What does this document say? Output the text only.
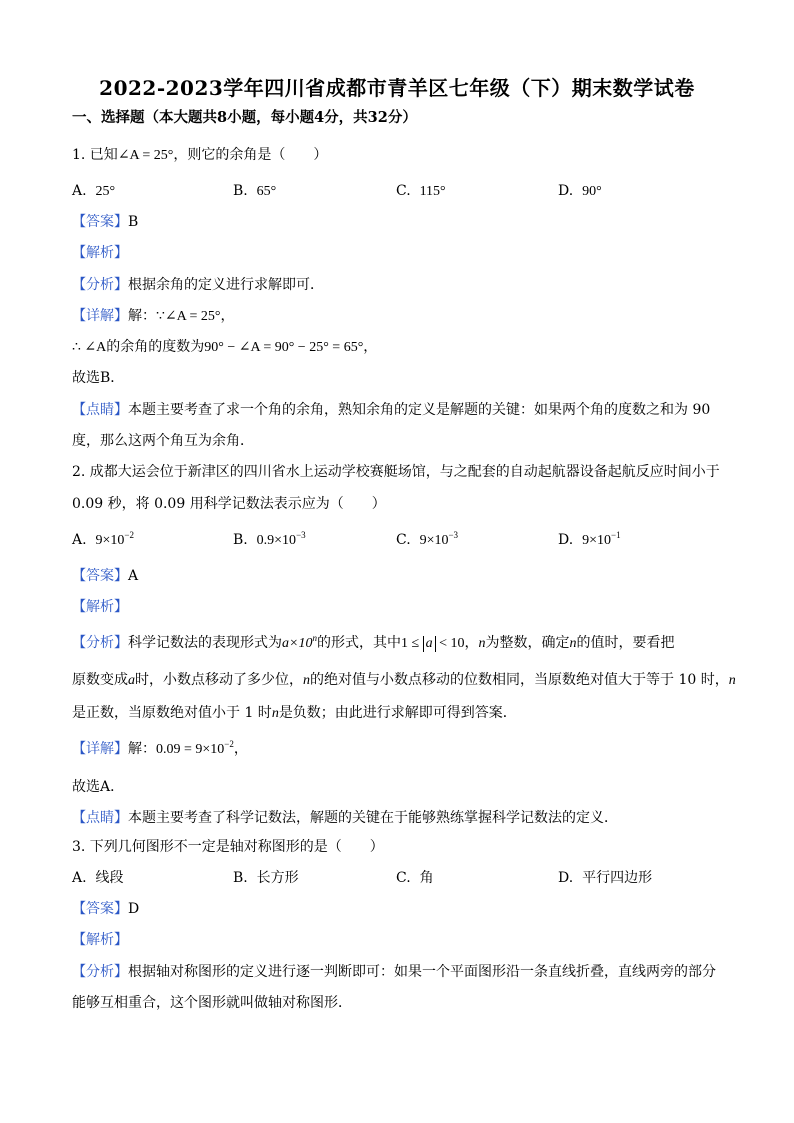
2022-2023学年四川省成都市青羊区七年级（下）期末数学试卷
一、选择题（本大题共8小题，每小题4分，共32分）
1. 已知∠A = 25°，则它的余角是（　　）
A. 25°	B. 65°	C. 115°	D. 90°
【答案】B
【解析】
【分析】根据余角的定义进行求解即可．
【详解】解：∵∠A = 25°，
∴ ∠A的余角的度数为90° − ∠A = 90° − 25° = 65°，
故选B．
【点睛】本题主要考查了求一个角的余角，熟知余角的定义是解题的关键：如果两个角的度数之和为 90
度，那么这两个角互为余角．
2. 成都大运会位于新津区的四川省水上运动学校赛艇场馆，与之配套的自动起航器设备起航反应时间小于
0.09 秒，将 0.09 用科学记数法表示应为（　　）
A. $9\times 10^{-2}$	B. $0.9\times 10^{-3}$	C. $9\times 10^{-3}$	D. $9\times 10^{-1}$
【答案】A
【解析】
【分析】科学记数法的表现形式为$a\times 10^n$的形式，其中1 ≤ a < 10，n为整数，确定n的值时，要看把
原数变成a时，小数点移动了多少位，n的绝对值与小数点移动的位数相同，当原数绝对值大于等于 10 时，n
是正数，当原数绝对值小于 1 时n是负数；由此进行求解即可得到答案．
【详解】解：$0.09 = 9\times 10^{-2}$，
故选A．
【点睛】本题主要考查了科学记数法，解题的关键在于能够熟练掌握科学记数法的定义．
3. 下列几何图形不一定是轴对称图形的是（　　）
A. 线段	B. 长方形	C. 角	D. 平行四边形
【答案】D
【解析】
【分析】根据轴对称图形的定义进行逐一判断即可：如果一个平面图形沿一条直线折叠，直线两旁的部分
能够互相重合，这个图形就叫做轴对称图形．
